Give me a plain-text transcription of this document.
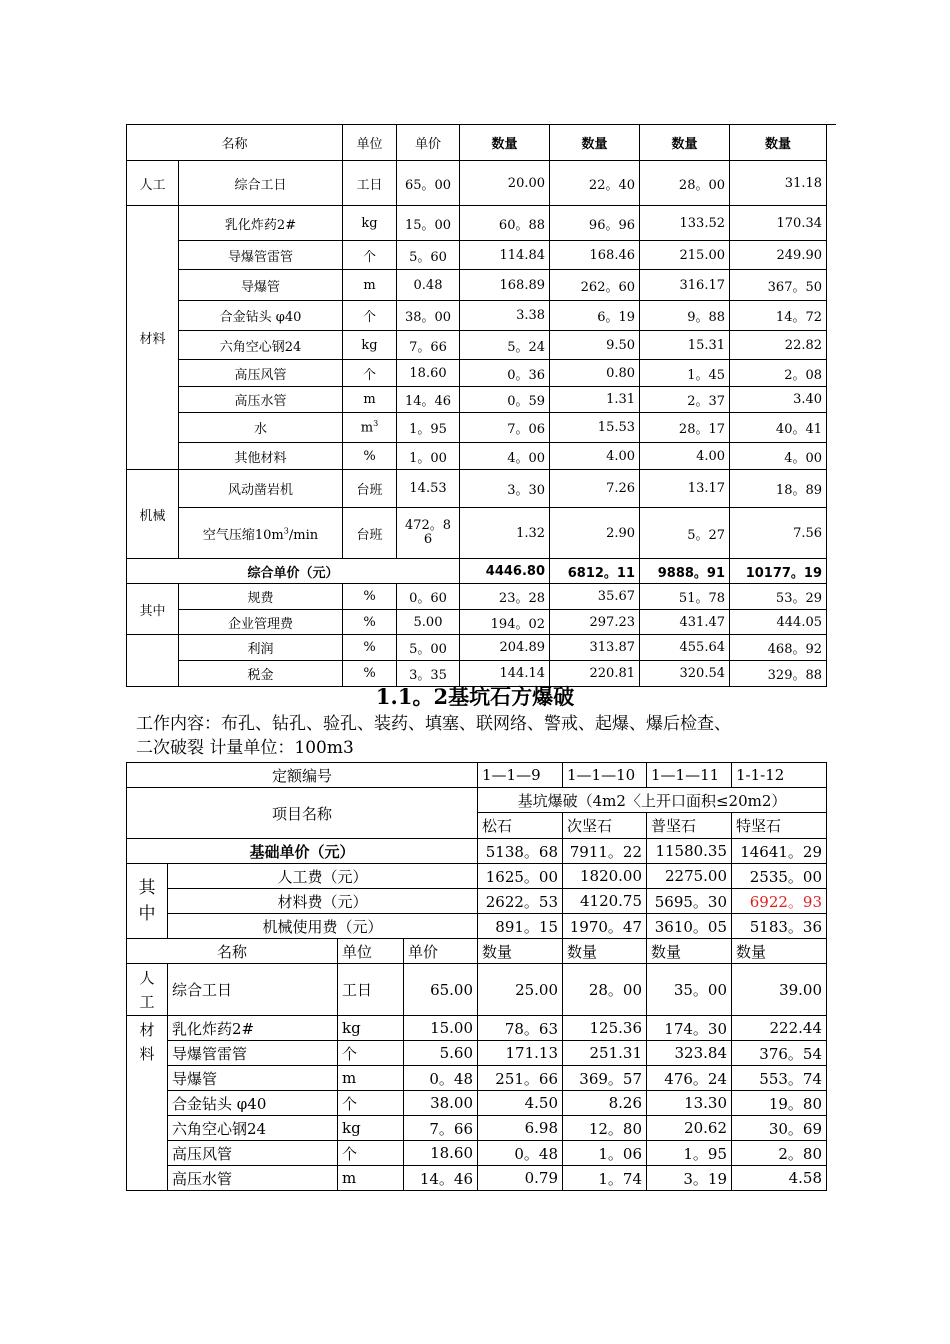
名称		单位	单价	数量	数量	数量	数量
人工	综合工日	工日	65。00	20.00	22。40	28。00	31.18
材料	乳化炸药2#	kg	15。00	60。88	96。96	133.52	170.34
	导爆管雷管	个	5。60	114.84	168.46	215.00	249.90
	导爆管	m	0.48	168.89	262。60	316.17	367。50
	合金钻头 φ40	个	38。00	3.38	6。19	9。88	14。72
	六角空心钢24	kg	7。66	5。24	9.50	15.31	22.82
	高压风管	个	18.60	0。36	0.80	1。45	2。08
	高压水管	m	14。46	0。59	1.31	2。37	3.40
	水	$m^3$	1。95	7。06	15.53	28。17	40。41
	其他材料	%	1。00	4。00	4.00	4.00	4。00
机械	风动凿岩机	台班	14.53	3。30	7.26	13.17	18。89
	空气压缩$10m^3/\min$	台班	472。86	1.32	2.90	5。27	7.56
综合单价（元）				4446.80	6812。11	9888。91	10177。19
其中	规费	%	0。60	23。28	35.67	51。78	53。29
	企业管理费	%	5.00	194。02	297.23	431.47	444.05
	利润	%	5。00	204.89	313.87	455.64	468。92
	税金	%	3。35	144.14	220.81	320.54	329。88
1.1。2基坑石方爆破
工作内容：布孔、钻孔、验孔、装药、填塞、联网络、警戒、起爆、爆后检查、
二次破裂 计量单位：100m3
定额编号				1—1—9	1—1—10	1—1—11	1-1-12
项目名称				基坑爆破（4m2〈上开口面积≤20m2）			
				松石	次坚石	普坚石	特坚石
基础单价（元）				5138。68	7911。22	11580.35	14641。29

其
中	人工费（元）			1625。00	1820.00	2275.00	2535。00
	材料费（元）			2622。53	4120.75	5695。30	6922。93
	机械使用费（元）			891。15	1970。47	3610。05	5183。36
名称		单位	单价	数量	数量	数量	数量

人
工	综合工日	工日	65.00	25.00	28。00	35。00	39.00

材
料	乳化炸药2#	kg	15.00	78。63	125.36	174。30	222.44
	导爆管雷管	个	5.60	171.13	251.31	323.84	376。54
	导爆管	m	0。48	251。66	369。57	476。24	553。74
	合金钻头 φ40	个	38.00	4.50	8.26	13.30	19。80
	六角空心钢24	kg	7。66	6.98	12。80	20.62	30。69
	高压风管	个	18.60	0。48	1。06	1。95	2。80
	高压水管	m	14。46	0.79	1。74	3。19	4.58
